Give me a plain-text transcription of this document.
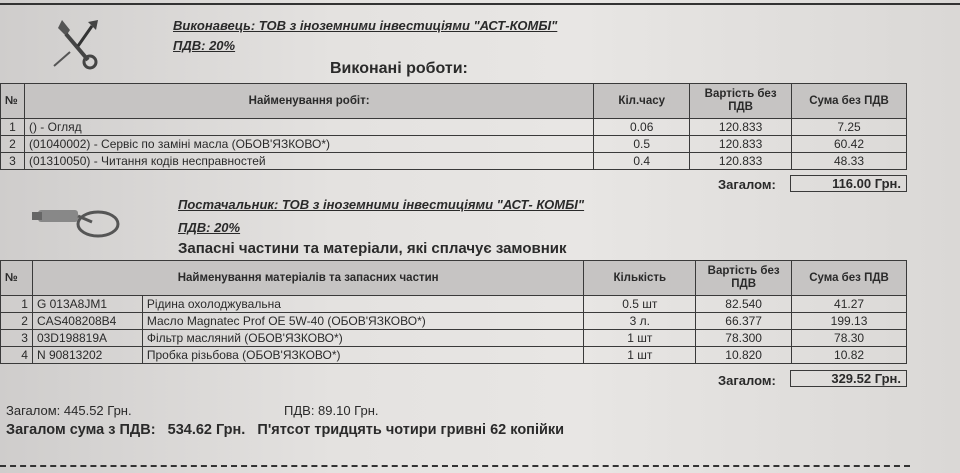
Виконавець: ТОВ з іноземними інвестиціями "АСТ-КОМБІ"
ПДВ: 20%
Виконані роботи:
№	Найменування робіт:	Кіл.часу	Вартість без ПДВ	Сума без ПДВ
1	() - Огляд	0.06	120.833	7.25
2	(01040002) - Сервіс по заміні масла (ОБОВ'ЯЗКОВО*)	0.5	120.833	60.42
3	(01310050) - Читання кодів несправностей	0.4	120.833	48.33
Загалом:	116.00 Грн.
Постачальник: ТОВ з іноземними інвестиціями "АСТ- КОМБІ"
ПДВ: 20%
Запасні частини та матеріали, які сплачує замовник
№	Найменування матеріалів та запасних частин		Кількість	Вартість без ПДВ	Сума без ПДВ
1	G 013A8JM1	Рідина охолоджувальна	0.5 шт	82.540	41.27
2	CAS408208B4	Масло Magnatec Prof OE 5W-40 (ОБОВ'ЯЗКОВО*)	3 л.	66.377	199.13
3	03D198819A	Фільтр масляний (ОБОВ'ЯЗКОВО*)	1 шт	78.300	78.30
4	N 90813202	Пробка різьбова (ОБОВ'ЯЗКОВО*)	1 шт	10.820	10.82
Загалом:	329.52 Грн.
Загалом: 445.52 Грн.	ПДВ: 89.10 Грн.
Загалом сума з ПДВ:   534.62 Грн.   П'ятсот тридцять чотири гривні 62 копійки
